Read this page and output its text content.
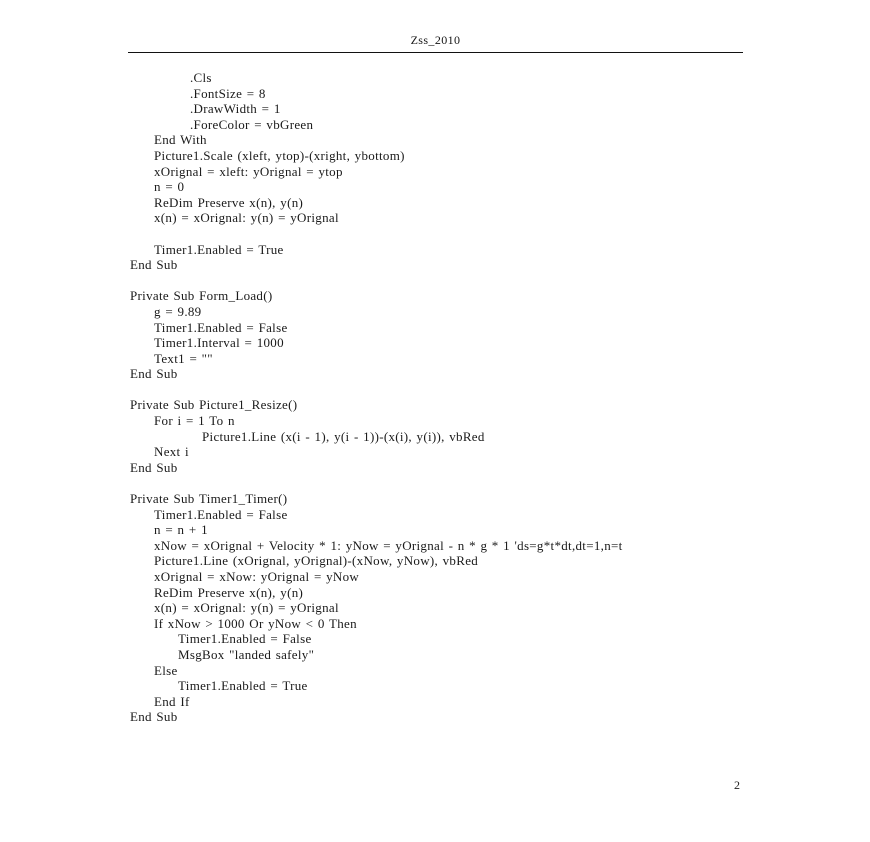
Zss_2010
.Cls
.FontSize = 8
.DrawWidth = 1
.ForeColor = vbGreen
End With
Picture1.Scale (xleft, ytop)-(xright, ybottom)
xOrignal = xleft: yOrignal = ytop
n = 0
ReDim Preserve x(n), y(n)
x(n) = xOrignal: y(n) = yOrignal

Timer1.Enabled = True
End Sub

Private Sub Form_Load()
g = 9.89
Timer1.Enabled = False
Timer1.Interval = 1000
Text1 = ""
End Sub

Private Sub Picture1_Resize()
For i = 1 To n
Picture1.Line (x(i - 1), y(i - 1))-(x(i), y(i)), vbRed
Next i
End Sub

Private Sub Timer1_Timer()
Timer1.Enabled = False
n = n + 1
xNow = xOrignal + Velocity * 1: yNow = yOrignal - n * g * 1 'ds=g*t*dt,dt=1,n=t
Picture1.Line (xOrignal, yOrignal)-(xNow, yNow), vbRed
xOrignal = xNow: yOrignal = yNow
ReDim Preserve x(n), y(n)
x(n) = xOrignal: y(n) = yOrignal
If xNow > 1000 Or yNow < 0 Then
Timer1.Enabled = False
MsgBox "landed safely"
Else
Timer1.Enabled = True
End If
End Sub
2
